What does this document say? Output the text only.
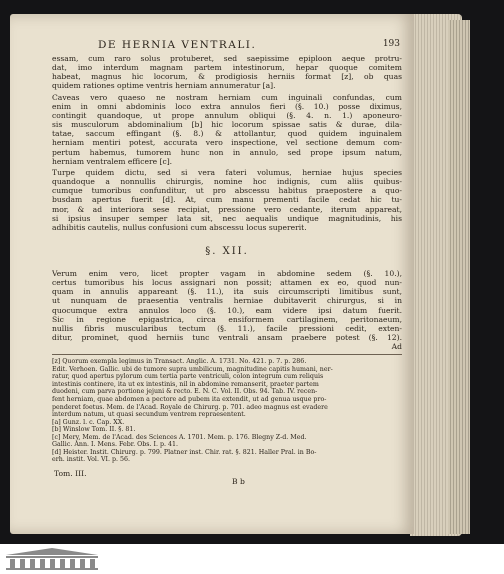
DE HERNIA VENTRALI.	193
essam, cum raro solus protuberet, sed saepissime epiploon aeque protru-
dat, imo interdum magnam partem intestinorum, hepar quoque comitem
habeat, magnus hic locorum, & prodigiosis herniis format [z], ob quas
quidem rationes optime ventris herniam annumeratur [a].
Caveas vero quaeso ne nostram herniam cum inguinali confundas, cum
enim in omni abdominis loco extra annulos fieri (§. 10.) posse diximus,
contingit quandoque, ut prope annulum obliqui (§. 4. n. 1.) aponeuro-
sis musculorum abdominalium [b] hic locorum spissae satis & durae, dila-
tatae, saccum effingant (§. 8.) & attollantur, quod quidem inguinalem
herniam mentiri potest, accurata vero inspectione, vel sectione demum com-
pertum habemus, tumorem hunc non in annulo, sed prope ipsum natum,
herniam ventralem efficere [c].
Turpe quidem dictu, sed si vera fateri volumus, herniae hujus species
quandoque a nonnullis chirurgis, nomine hoc indignis, cum aliis quibus-
cumque tumoribus confunditur, ut pro abscessu habitus praepostere a quo-
busdam apertus fuerit [d]. At, cum manu prementi facile cedat hic tu-
mor, & ad interiora sese recipiat, pressione vero cedante, iterum appareat,
si ipsius insuper semper lata sit, nec aequalis undique magnitudinis, his
adhibitis cautelis, nullus confusioni cum abscessu locus supererit.
§. XII.
Verum enim vero, licet propter vagam in abdomine sedem (§. 10.),
certus tumoribus his locus assignari non possit; attamen ex eo, quod nun-
quam in annulis appareant (§. 11.), ita suis circumscripti limitibus sunt,
ut nunquam de praesentia ventralis herniae dubitaverit chirurgus, si in
quocumque extra annulos loco (§. 10.), eam videre ipsi datum fuerit.
Sic in regione epigastrica, circa ensiformem cartilaginem, peritonaeum,
nullis fibris muscularibus tectum (§. 11.), facile pressioni cedit, exten-
ditur, prominet, quod herniis tunc ventrali ansam praebere potest (§. 12).
Ad
[z] Quorum exempla legimus in Transact. Anglic. A. 1731. No. 421. p. 7. p. 286.
Edit. Verhoen. Gallic. ubi de tumore supra umbilicum, magnitudine capitis humani, ner-
ratur, quod apertus pylorum cum tertia parte ventriculi, colon integrum cum reliquis
intestinis continere, ita ut ex intestinis, nil in abdomine remanserit, praeter partem
duodeni, cum parva portione jejuni & recto. E. N. C. Vol. II. Obs. 94. Tab. IV. recen-
fent herniam, quae abdomen a pectore ad pubem ita extendit, ut ad genua usque pro-
penderet foetus. Mem. de l'Acad. Royale de Chirurg. p. 701. adeo magnus est evadere
interdum natum, ut quasi secundum ventrem repraesentent.
[a] Gunz. l. c. Cap. XX.
[b] Winslow Tom. II. §. 81.
[c] Mery, Mem. de l'Acad. des Sciences A. 1701. Mem. p. 176. Blegny Z-d. Med.
Gallic. Ann. I. Mens. Febr. Obs. I. p. 41.
[d] Heister. Instit. Chirurg. p. 799. Platner inst. Chir. rat. §. 821. Haller Pral. in Bo-
erh. instit. Vol. VI. p. 56.
Tom. III.
B b
